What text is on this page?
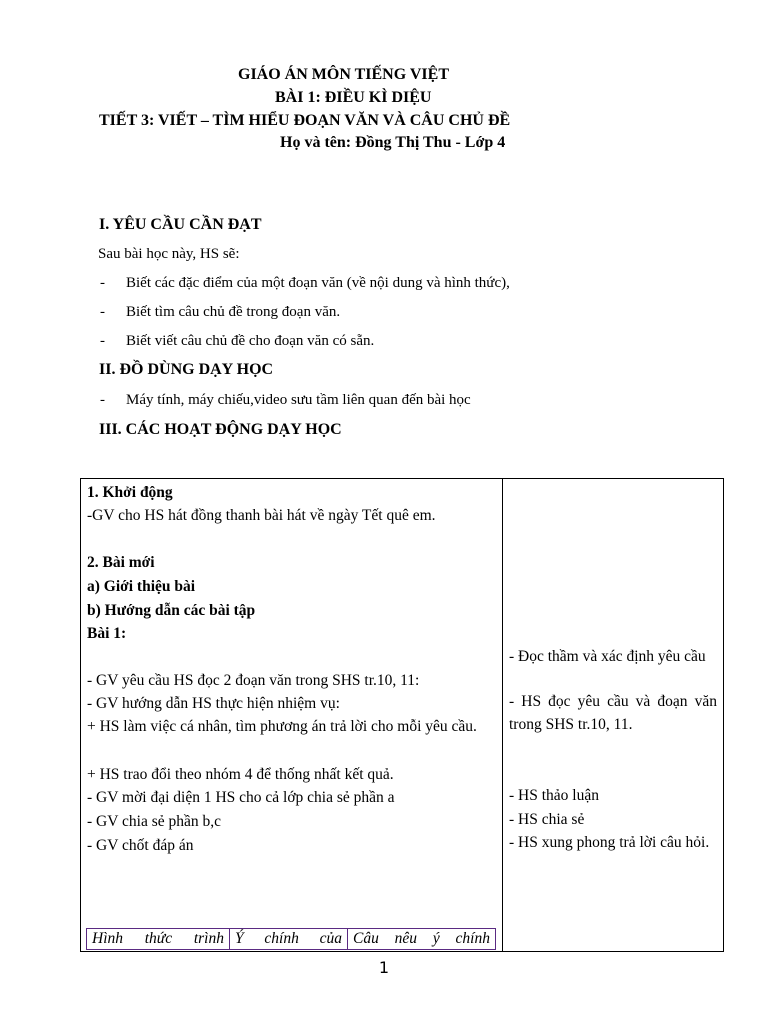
GIÁO ÁN MÔN TIẾNG VIỆT
BÀI 1: ĐIỀU KÌ DIỆU
TIẾT 3: VIẾT – TÌM HIỂU ĐOẠN VĂN VÀ CÂU CHỦ ĐỀ
Họ và tên: Đồng Thị Thu - Lớp 4
I. YÊU CẦU CẦN ĐẠT
Sau bài học này, HS sẽ:
- Biết các đặc điểm của một đoạn văn (về nội dung và hình thức),
- Biết tìm câu chủ đề trong đoạn văn.
- Biết viết câu chủ đề cho đoạn văn có sẵn.
II. ĐỒ DÙNG DẠY HỌC
- Máy tính, máy chiếu,video sưu tầm liên quan đến bài học
III. CÁC HOẠT ĐỘNG DẠY HỌC
1. Khởi động
-GV cho HS hát đồng thanh bài hát về ngày Tết quê em.
2. Bài mới
a) Giới thiệu bài
b) Hướng dẫn các bài tập
Bài 1:
- GV yêu cầu HS đọc 2 đoạn văn trong SHS tr.10, 11:
- GV hướng dẫn HS thực hiện nhiệm vụ:
+ HS làm việc cá nhân, tìm phương án trả lời cho mỗi yêu cầu.
+ HS trao đổi theo nhóm 4 để thống nhất kết quả.
- GV mời đại diện 1 HS cho cả lớp chia sẻ phần a
- GV chia sẻ phần b,c
- GV chốt đáp án
Hình thức trình Ý chính của Câu nêu ý chính
- Đọc thầm và xác định yêu cầu
- HS đọc yêu cầu và đoạn văn trong SHS tr.10, 11.
- HS thảo luận
- HS chia sẻ
- HS xung phong trả lời câu hỏi.
1
